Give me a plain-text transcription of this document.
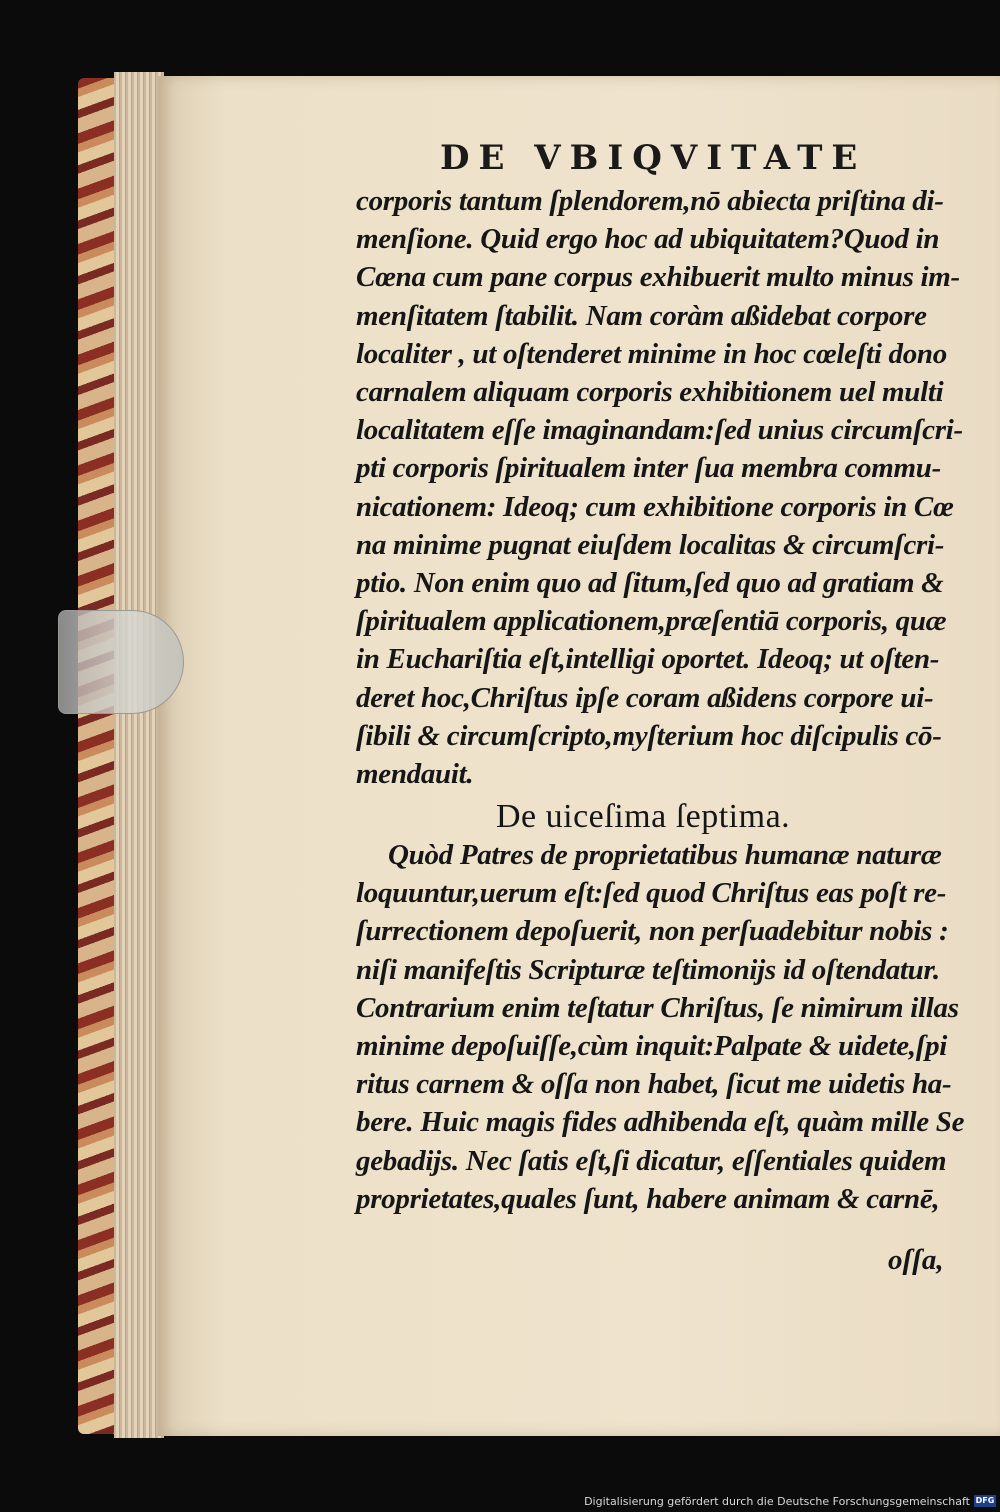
DE VBIQVITATE
corporis tantum ſplendorem,nō abiecta priſtina di-
menſione. Quid ergo hoc ad ubiquitatem?Quod in
Cœna cum pane corpus exhibuerit multo minus im-
menſitatem ſtabilit. Nam coràm aßidebat corpore
localiter , ut oſtenderet minime in hoc cœleſti dono
carnalem aliquam corporis exhibitionem uel multi
localitatem eſſe imaginandam:ſed unius circumſcri-
pti corporis ſpiritualem inter ſua membra commu-
nicationem: Ideoq; cum exhibitione corporis in Cœ
na minime pugnat eiuſdem localitas & circumſcri-
ptio. Non enim quo ad ſitum,ſed quo ad gratiam &
ſpiritualem applicationem,præſentiā corporis, quæ
in Euchariſtia eſt,intelligi oportet. Ideoq; ut oſten-
deret hoc,Chriſtus ipſe coram aßidens corpore ui-
ſibili & circumſcripto,myſterium hoc diſcipulis cō-
mendauit.
De uiceſima ſeptima.
Quòd Patres de proprietatibus humanæ naturæ
loquuntur,uerum eſt:ſed quod Chriſtus eas poſt re-
ſurrectionem depoſuerit, non perſuadebitur nobis :
niſi manifeſtis Scripturæ teſtimonijs id oſtendatur.
Contrarium enim teſtatur Chriſtus, ſe nimirum illas
minime depoſuiſſe,cùm inquit:Palpate & uidete,ſpi
ritus carnem & oſſa non habet, ſicut me uidetis ha-
bere. Huic magis fides adhibenda eſt, quàm mille Se
gebadijs. Nec ſatis eſt,ſi dicatur, eſſentiales quidem
proprietates,quales ſunt, habere animam & carnē,
oſſa,
Digitalisierung gefördert durch die Deutsche Forschungsgemeinschaft DFG
